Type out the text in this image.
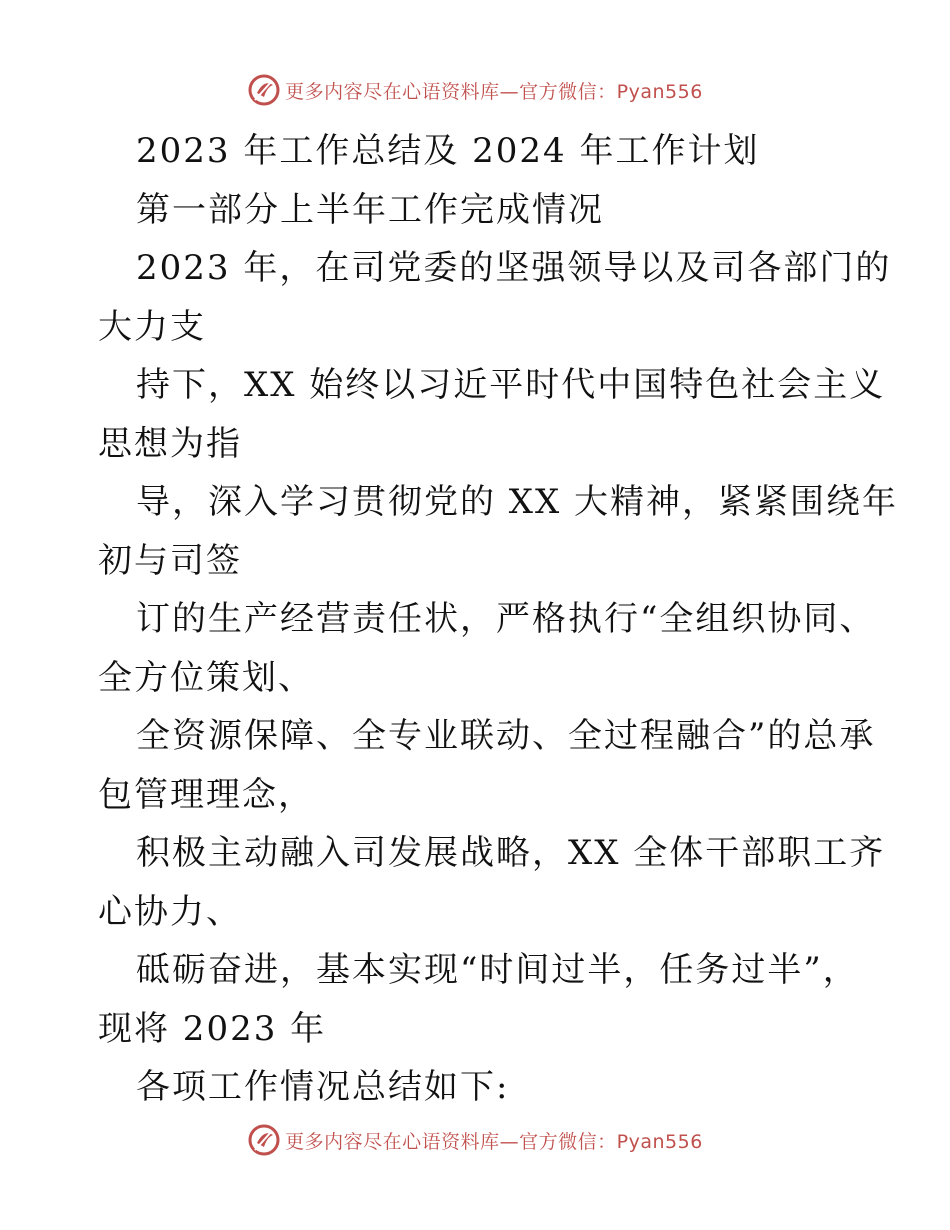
更多内容尽在心语资料库—官方微信：Pyan556
2023 年工作总结及 2024 年工作计划
第一部分上半年工作完成情况
2023 年，在司党委的坚强领导以及司各部门的
大力支
持下，XX 始终以习近平时代中国特色社会主义
思想为指
导，深入学习贯彻党的 XX 大精神，紧紧围绕年
初与司签
订的生产经营责任状，严格执行“全组织协同、
全方位策划、
全资源保障、全专业联动、全过程融合”的总承
包管理理念，
积极主动融入司发展战略，XX 全体干部职工齐
心协力、
砥砺奋进，基本实现“时间过半，任务过半”，
现将 2023 年
各项工作情况总结如下:
更多内容尽在心语资料库—官方微信：Pyan556
